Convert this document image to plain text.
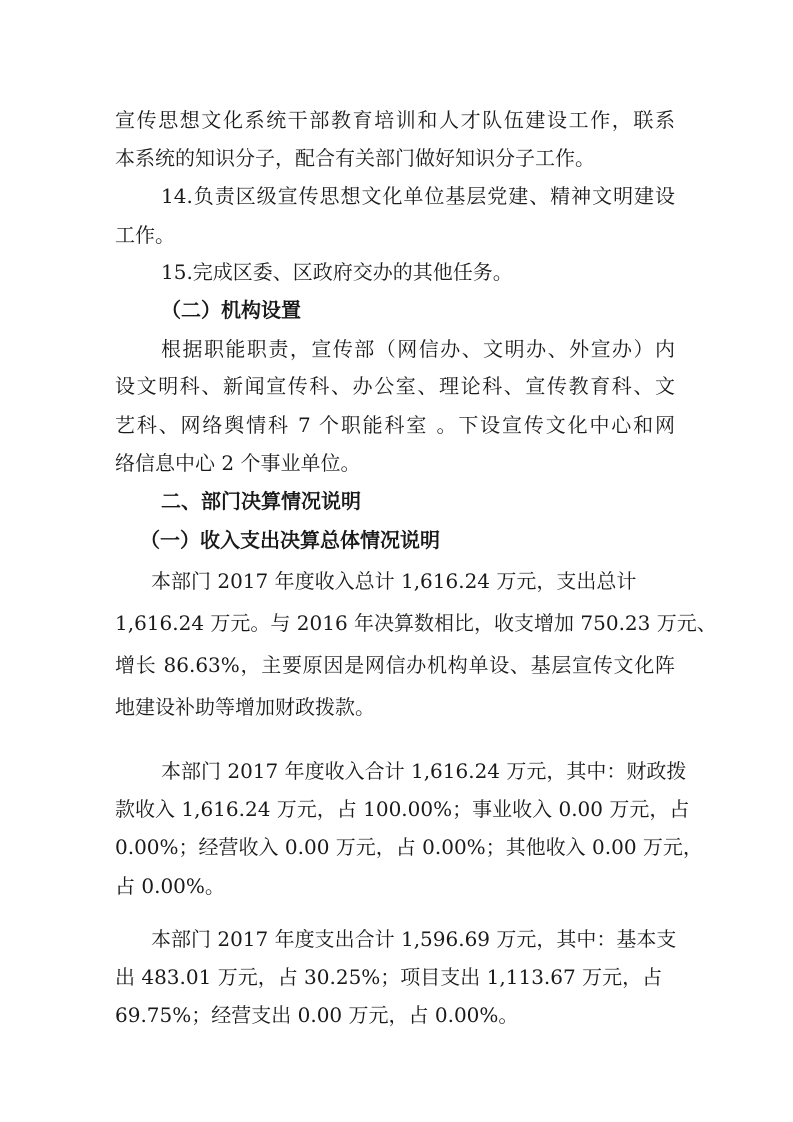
宣传思想文化系统干部教育培训和人才队伍建设工作，联系
本系统的知识分子，配合有关部门做好知识分子工作。
14.负责区级宣传思想文化单位基层党建、精神文明建设
工作。
15.完成区委、区政府交办的其他任务。
（二）机构设置
根据职能职责，宣传部（网信办、文明办、外宣办）内
设文明科、新闻宣传科、办公室、理论科、宣传教育科、文
艺科、网络舆情科 7 个职能科室 。下设宣传文化中心和网
络信息中心 2 个事业单位。
二、部门决算情况说明
（一）收入支出决算总体情况说明
本部门 2017 年度收入总计 1,616.24 万元，支出总计
1,616.24 万元。与 2016 年决算数相比，收支增加 750.23 万元、
增长 86.63%，主要原因是网信办机构单设、基层宣传文化阵
地建设补助等增加财政拨款。
本部门 2017 年度收入合计 1,616.24 万元，其中：财政拨
款收入 1,616.24 万元，占 100.00%；事业收入 0.00 万元，占
0.00%；经营收入 0.00 万元，占 0.00%；其他收入 0.00 万元，
占 0.00%。
本部门 2017 年度支出合计 1,596.69 万元，其中：基本支
出 483.01 万元，占 30.25%；项目支出 1,113.67 万元，占
69.75%；经营支出 0.00 万元，占 0.00%。
